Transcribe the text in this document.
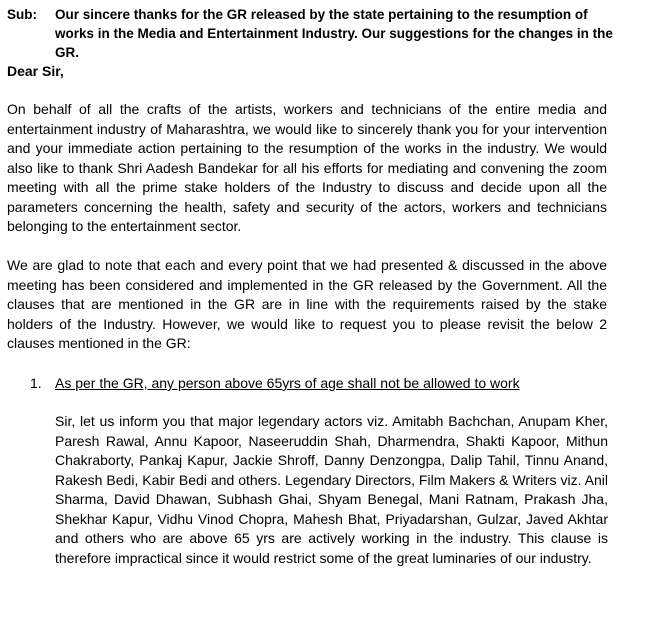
Sub:	Our sincere thanks for the GR released by the state pertaining to the resumption of works in the Media and Entertainment Industry. Our suggestions for the changes in the GR.
Dear Sir,

On behalf of all the crafts of the artists, workers and technicians of the entire media and entertainment industry of Maharashtra, we would like to sincerely thank you for your intervention and your immediate action pertaining to the resumption of the works in the industry. We would also like to thank Shri Aadesh Bandekar for all his efforts for mediating and convening the zoom meeting with all the prime stake holders of the Industry to discuss and decide upon all the parameters concerning the health, safety and security of the actors, workers and technicians belonging to the entertainment sector.

We are glad to note that each and every point that we had presented & discussed in the above meeting has been considered and implemented in the GR released by the Government. All the clauses that are mentioned in the GR are in line with the requirements raised by the stake holders of the Industry. However, we would like to request you to please revisit the below 2 clauses mentioned in the GR:

1. As per the GR, any person above 65yrs of age shall not be allowed to work

Sir, let us inform you that major legendary actors viz. Amitabh Bachchan, Anupam Kher, Paresh Rawal, Annu Kapoor, Naseeruddin Shah, Dharmendra, Shakti Kapoor, Mithun Chakraborty, Pankaj Kapur, Jackie Shroff, Danny Denzongpa, Dalip Tahil, Tinnu Anand, Rakesh Bedi, Kabir Bedi and others. Legendary Directors, Film Makers & Writers viz. Anil Sharma, David Dhawan, Subhash Ghai, Shyam Benegal, Mani Ratnam, Prakash Jha, Shekhar Kapur, Vidhu Vinod Chopra, Mahesh Bhat, Priyadarshan, Gulzar, Javed Akhtar and others who are above 65 yrs are actively working in the industry. This clause is therefore impractical since it would restrict some of the great luminaries of our industry.
